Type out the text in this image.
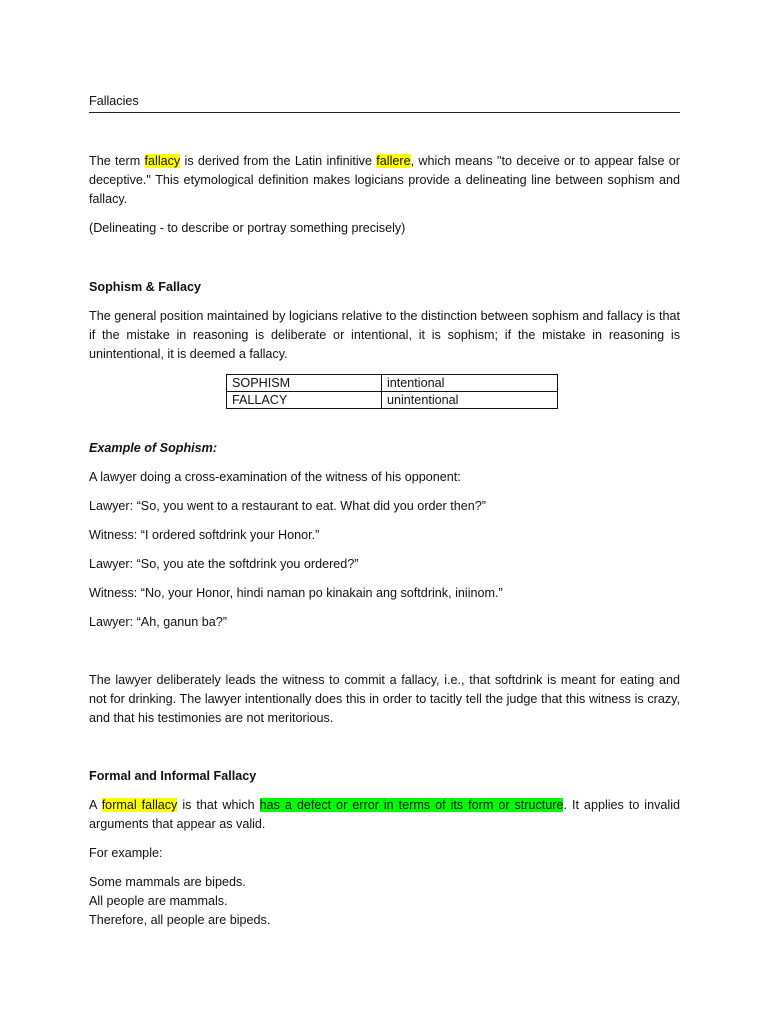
Fallacies
The term fallacy is derived from the Latin infinitive fallere, which means "to deceive or to appear false or deceptive." This etymological definition makes logicians provide a delineating line between sophism and fallacy.
(Delineating - to describe or portray something precisely)
Sophism & Fallacy
The general position maintained by logicians relative to the distinction between sophism and fallacy is that if the mistake in reasoning is deliberate or intentional, it is sophism; if the mistake in reasoning is unintentional, it is deemed a fallacy.
SOPHISM	intentional
FALLACY	unintentional
Example of Sophism:
A lawyer doing a cross-examination of the witness of his opponent:
Lawyer: “So, you went to a restaurant to eat. What did you order then?”
Witness: “I ordered softdrink your Honor.”
Lawyer: “So, you ate the softdrink you ordered?”
Witness: “No, your Honor, hindi naman po kinakain ang softdrink, iniinom.”
Lawyer: “Ah, ganun ba?”
The lawyer deliberately leads the witness to commit a fallacy, i.e., that softdrink is meant for eating and not for drinking. The lawyer intentionally does this in order to tacitly tell the judge that this witness is crazy, and that his testimonies are not meritorious.
Formal and Informal Fallacy
A formal fallacy is that which has a defect or error in terms of its form or structure. It applies to invalid arguments that appear as valid.
For example:
Some mammals are bipeds.
All people are mammals.
Therefore, all people are bipeds.
